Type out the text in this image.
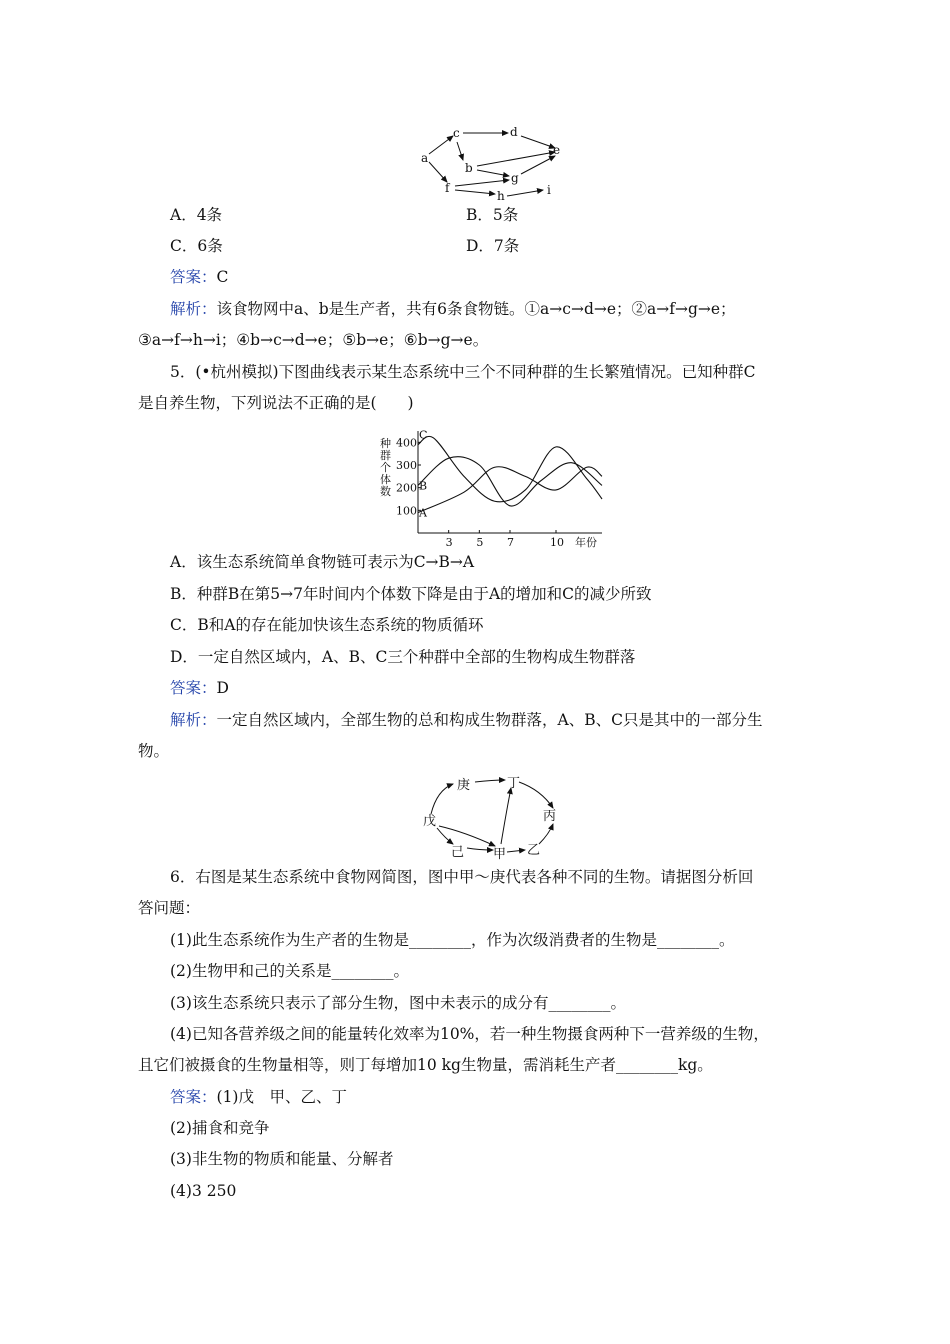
a
c	d
b
e
g
f
h	i
A．4条	B．5条
C．6条	D．7条
答案：C
解析：该食物网中a、b是生产者，共有6条食物链。①a→c→d→e；②a→f→g→e；
③a→f→h→i；④b→c→d→e；⑤b→e；⑥b→g→e。
5．(•杭州模拟)下图曲线表示某生态系统中三个不同种群的生长繁殖情况。已知种群C
是自养生物，下列说法不正确的是(　　)
100
200
300
400
3 5 7	10
C
B
A
种 群 个 体 数
年份
A．该生态系统简单食物链可表示为C→B→A
B．种群B在第5→7年时间内个体数下降是由于A的增加和C的减少所致
C．B和A的存在能加快该生态系统的物质循环
D．一定自然区域内，A、B、C三个种群中全部的生物构成生物群落
答案：D
解析：一定自然区域内，全部生物的总和构成生物群落，A、B、C只是其中的一部分生
物。
庚	丁
戊	丙
己 甲 乙
6．右图是某生态系统中食物网简图，图中甲～庚代表各种不同的生物。请据图分析回
答问题：
(1)此生态系统作为生产者的生物是________，作为次级消费者的生物是________。
(2)生物甲和己的关系是________。
(3)该生态系统只表示了部分生物，图中未表示的成分有________。
(4)已知各营养级之间的能量转化效率为10%，若一种生物摄食两种下一营养级的生物，
且它们被摄食的生物量相等，则丁每增加10 kg生物量，需消耗生产者________kg。
答案：(1)戊　甲、乙、丁
(2)捕食和竞争
(3)非生物的物质和能量、分解者
(4)3 250
